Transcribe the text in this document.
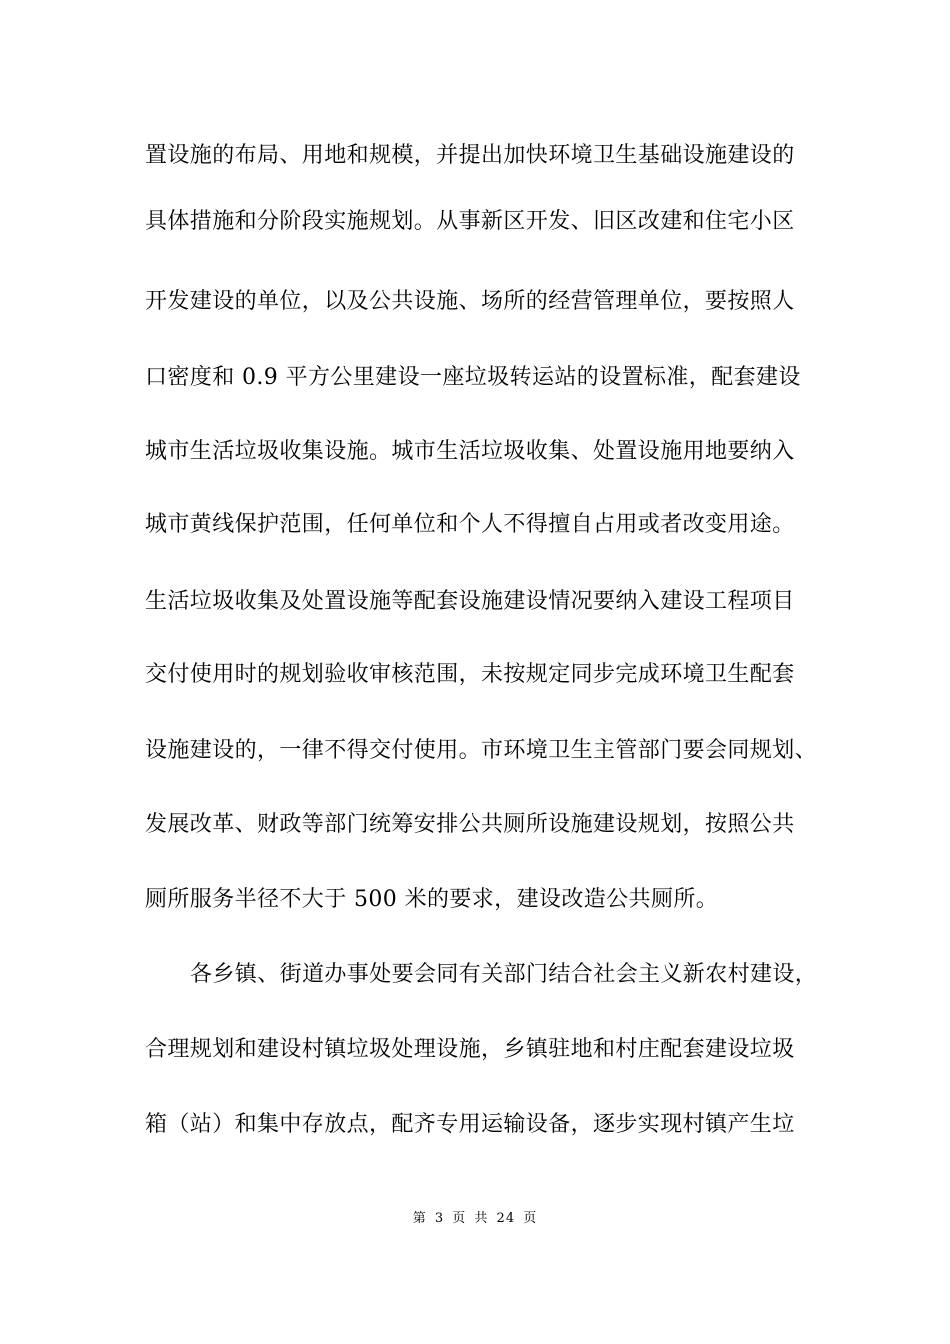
置设施的布局、用地和规模，并提出加快环境卫生基础设施建设的
具体措施和分阶段实施规划。从事新区开发、旧区改建和住宅小区
开发建设的单位，以及公共设施、场所的经营管理单位，要按照人
口密度和 0.9 平方公里建设一座垃圾转运站的设置标准，配套建设
城市生活垃圾收集设施。城市生活垃圾收集、处置设施用地要纳入
城市黄线保护范围，任何单位和个人不得擅自占用或者改变用途。
生活垃圾收集及处置设施等配套设施建设情况要纳入建设工程项目
交付使用时的规划验收审核范围，未按规定同步完成环境卫生配套
设施建设的，一律不得交付使用。市环境卫生主管部门要会同规划、
发展改革、财政等部门统筹安排公共厕所设施建设规划，按照公共
厕所服务半径不大于 500 米的要求，建设改造公共厕所。
各乡镇、街道办事处要会同有关部门结合社会主义新农村建设，
合理规划和建设村镇垃圾处理设施，乡镇驻地和村庄配套建设垃圾
箱（站）和集中存放点，配齐专用运输设备，逐步实现村镇产生垃
第 3 页 共 24 页
